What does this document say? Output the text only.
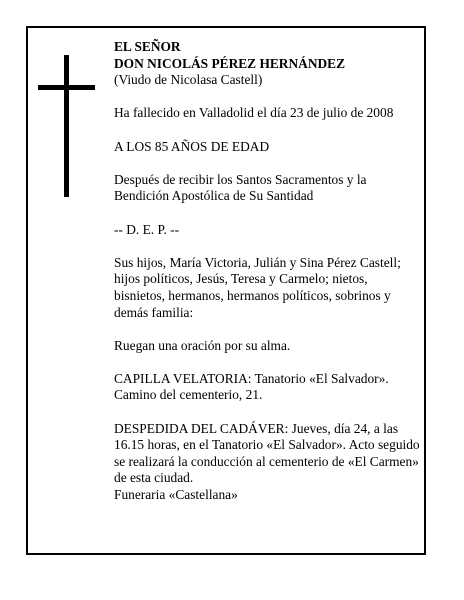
EL SEÑOR

DON NICOLÁS PÉREZ HERNÁNDEZ

(Viudo de Nicolasa Castell)

Ha fallecido en Valladolid el día 23 de julio de 2008

A LOS 85 AÑOS DE EDAD

Después de recibir los Santos Sacramentos y la

Bendición Apostólica de Su Santidad

-- D. E. P. --

Sus hijos, María Victoria, Julián y Sina Pérez Castell;

hijos políticos, Jesús, Teresa y Carmelo; nietos,

bisnietos, hermanos, hermanos políticos, sobrinos y

demás familia:

Ruegan una oración por su alma.

CAPILLA VELATORIA: Tanatorio «El Salvador».

Camino del cementerio, 21.

DESPEDIDA DEL CADÁVER: Jueves, día 24, a las

16.15 horas, en el Tanatorio «El Salvador». Acto seguido

se realizará la conducción al cementerio de «El Carmen»

de esta ciudad.

Funeraria «Castellana»
